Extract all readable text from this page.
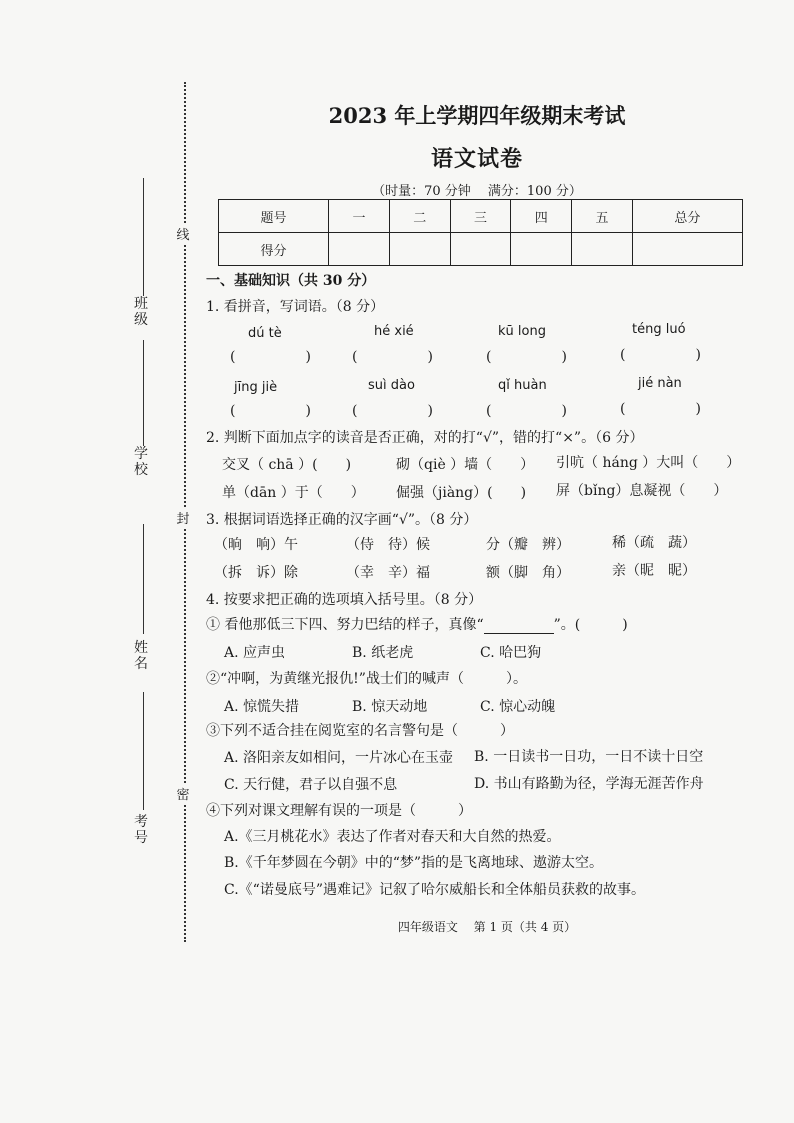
线
封
密
班级
学校
姓名
考号
2023 年上学期四年级期末考试
语文试卷
（时量：70 分钟　 满分：100 分）
题号	一	二	三	四	五	总分
得分						
一、基础知识（共 30 分）
1. 看拼音，写词语。（8 分）
dú tè	hé xié	kū long	téng luó
(　　　　　)	(　　　　　)	(　　　　　)	(　　　　　)
jīng jiè	suì dào	qǐ huàn	jié nàn
(　　　　　)	(　　　　　)	(　　　　　)	(　　　　　)
2. 判断下面加点字的读音是否正确，对的打“√”，错的打“×”。（6 分）
交叉（ chā ）(　　)	砌（qiè ）墙（　　） 引吭（ háng ）大叫（　　）
单（dān ）于（　　） 倔强（jiàng）(　　) 屏（bǐng）息凝视（　　）
3. 根据词语选择正确的汉字画“√”。（8 分）
（晌　响）午	（侍　待）候	分（瓣　辨）	稀（疏　蔬）
（拆　诉）除	（幸　辛）福	额（脚　角）	亲（昵　昵）
4. 按要求把正确的选项填入括号里。（8 分）
① 看他那低三下四、努力巴结的样子，真像“	”。(　　　)
A. 应声虫	B. 纸老虎	C. 哈巴狗
②“冲啊，为黄继光报仇!”战士们的喊声（　　　）。
A. 惊慌失措	B. 惊天动地	C. 惊心动魄
③下列不适合挂在阅览室的名言警句是（　　　）
A. 洛阳亲友如相问，一片冰心在玉壶 B. 一日读书一日功，一日不读十日空
C. 天行健，君子以自强不息	D. 书山有路勤为径，学海无涯苦作舟
④下列对课文理解有误的一项是（　　　）
A.《三月桃花水》表达了作者对春天和大自然的热爱。
B.《千年梦圆在今朝》中的“梦”指的是飞离地球、遨游太空。
C.《“诺曼底号”遇难记》记叙了哈尔威船长和全体船员获救的故事。
四年级语文　 第 1 页（共 4 页）
